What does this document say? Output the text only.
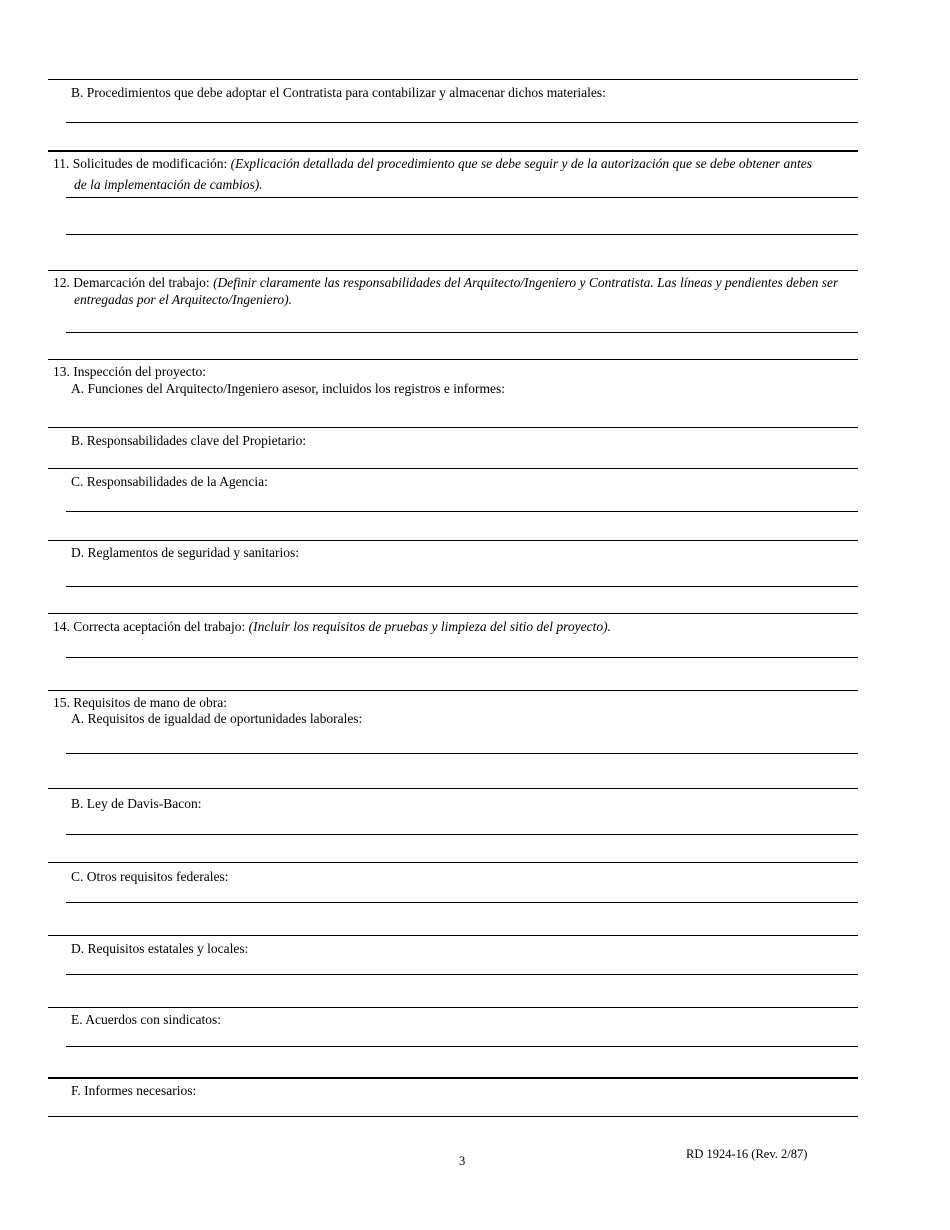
B. Procedimientos que debe adoptar el Contratista para contabilizar y almacenar dichos materiales:
11. Solicitudes de modificación: (Explicación detallada del procedimiento que se debe seguir y de la autorización que se debe obtener antes
de la implementación de cambios).
12. Demarcación del trabajo: (Definir claramente las responsabilidades del Arquitecto/Ingeniero y Contratista. Las líneas y pendientes deben ser
entregadas por el Arquitecto/Ingeniero).
13. Inspección del proyecto:
A. Funciones del Arquitecto/Ingeniero asesor, incluidos los registros e informes:
B. Responsabilidades clave del Propietario:
C. Responsabilidades de la Agencia:
D. Reglamentos de seguridad y sanitarios:
14. Correcta aceptación del trabajo: (Incluir los requisitos de pruebas y limpieza del sitio del proyecto).
15. Requisitos de mano de obra:
A. Requisitos de igualdad de oportunidades laborales:
B. Ley de Davis-Bacon:
C. Otros requisitos federales:
D. Requisitos estatales y locales:
E. Acuerdos con sindicatos:
F. Informes necesarios:
3	RD 1924-16 (Rev. 2/87)
